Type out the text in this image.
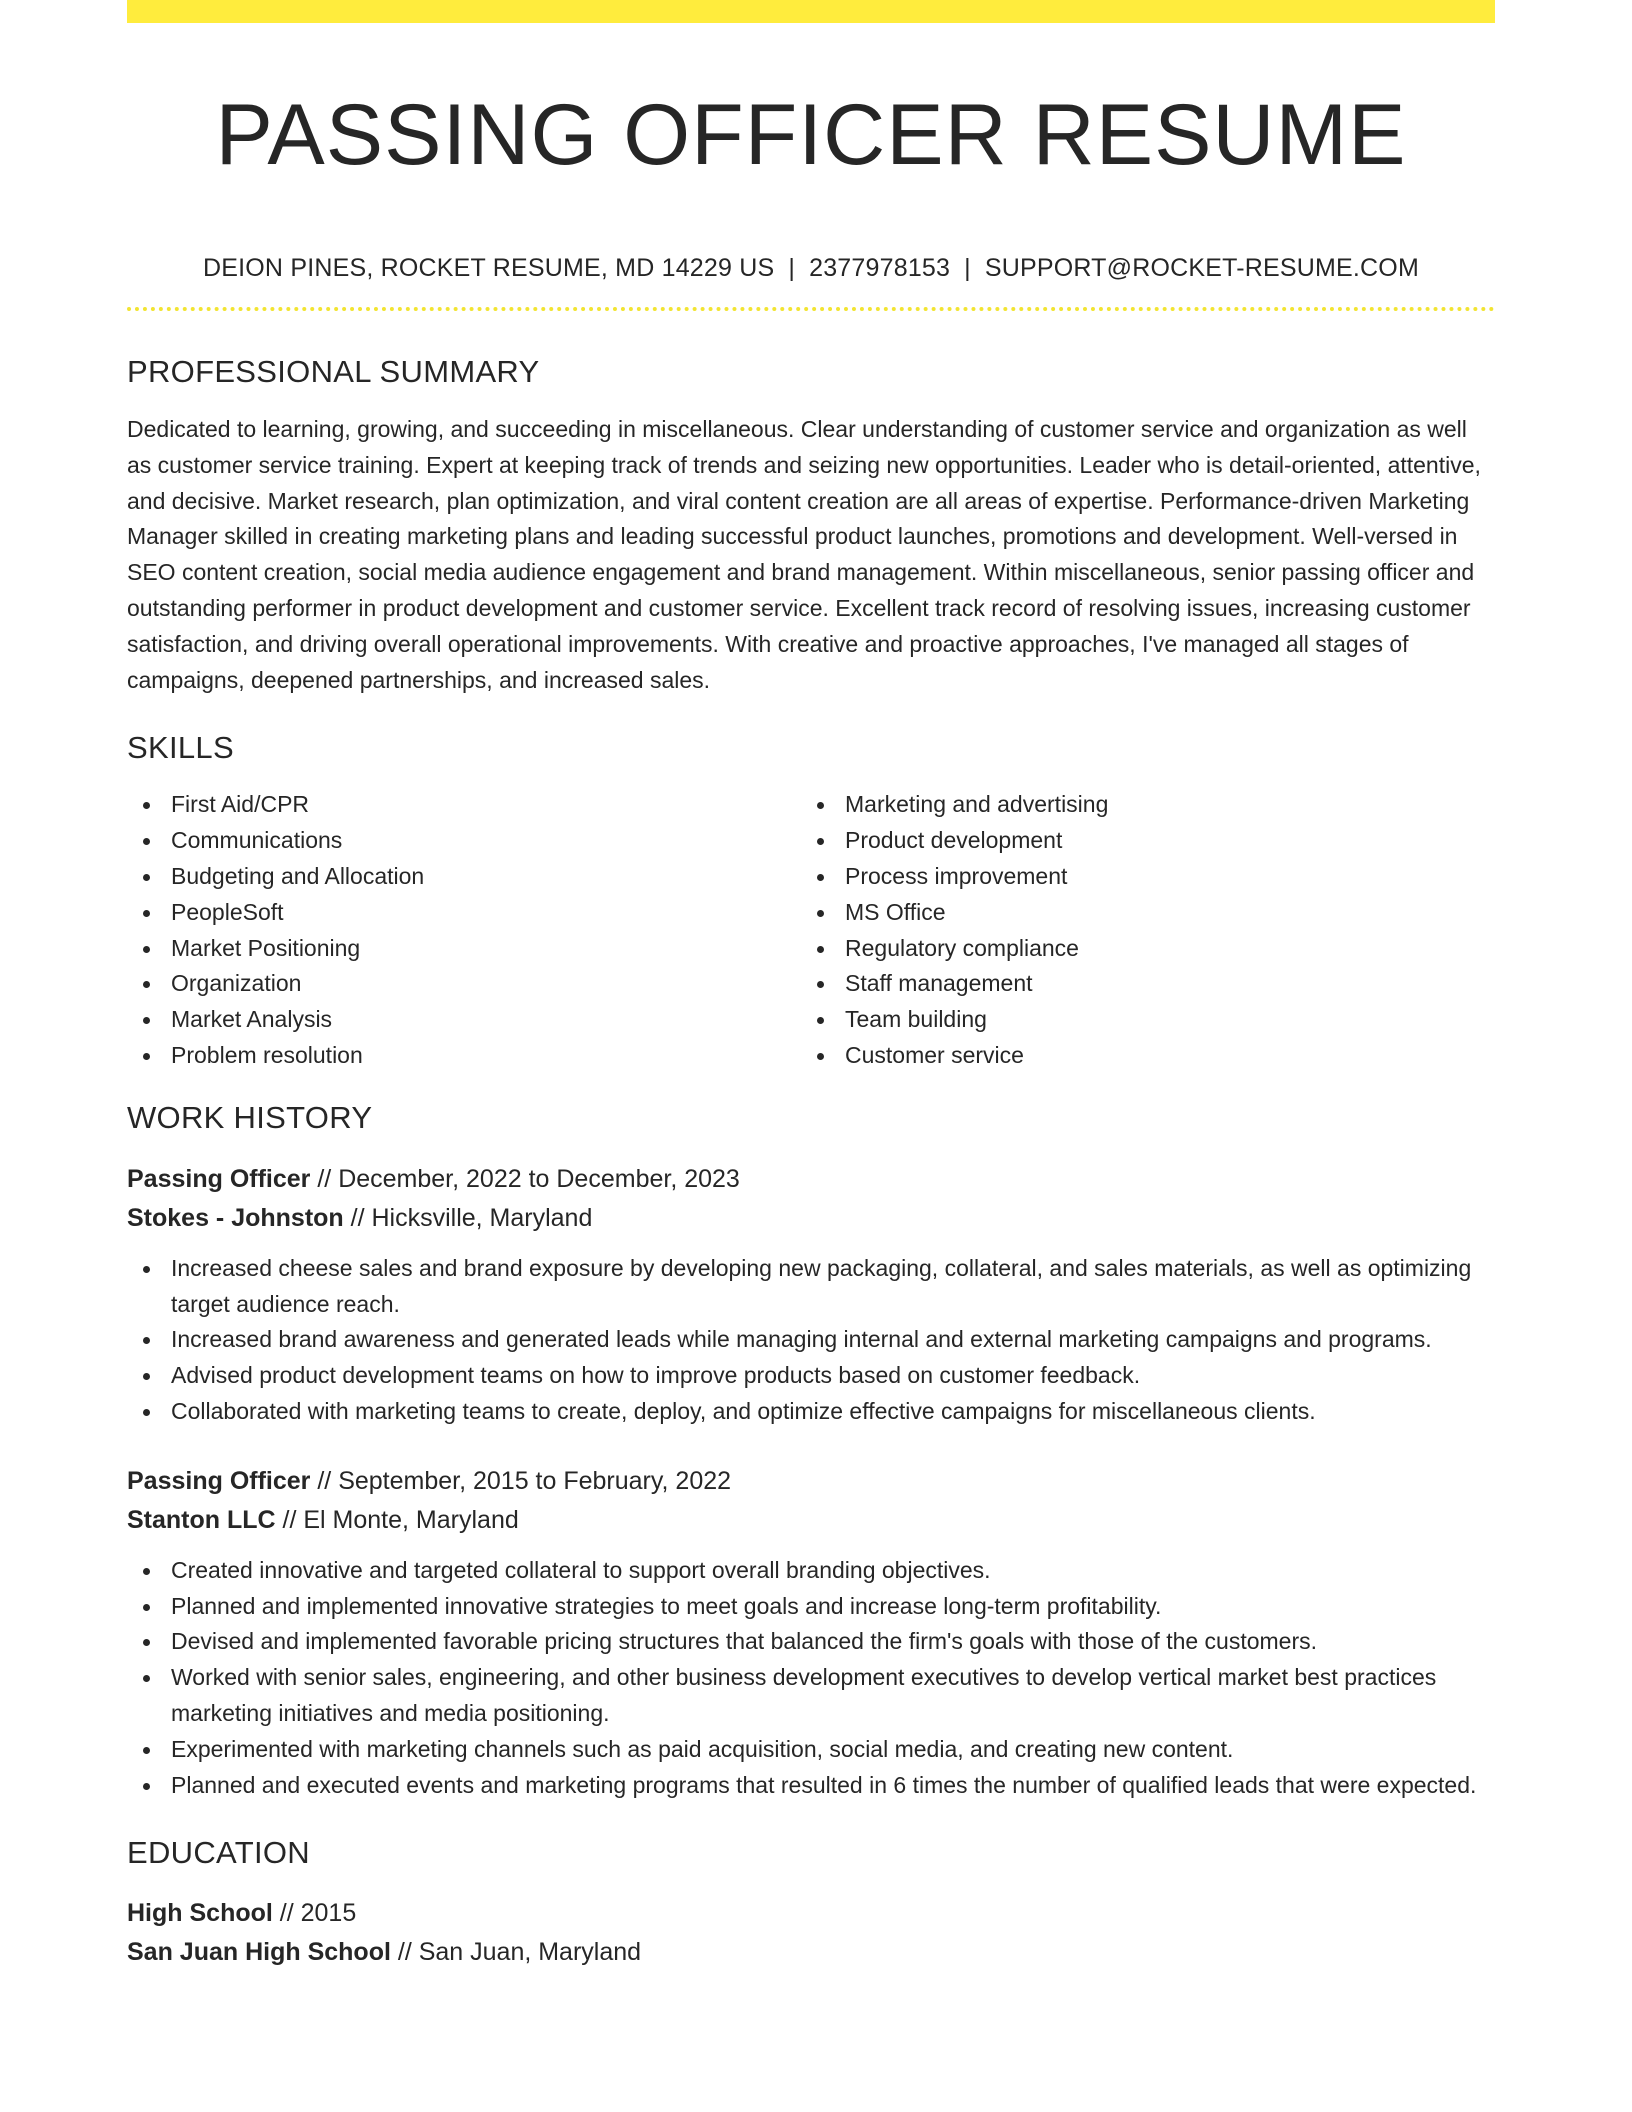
PASSING OFFICER RESUME
DEION PINES, ROCKET RESUME, MD 14229 US | 2377978153 | SUPPORT@ROCKET-RESUME.COM
PROFESSIONAL SUMMARY

Dedicated to learning, growing, and succeeding in miscellaneous. Clear understanding of customer service and organization as well as customer service training. Expert at keeping track of trends and seizing new opportunities. Leader who is detail-oriented, attentive, and decisive. Market research, plan optimization, and viral content creation are all areas of expertise. Performance-driven Marketing Manager skilled in creating marketing plans and leading successful product launches, promotions and development. Well-versed in SEO content creation, social media audience engagement and brand management. Within miscellaneous, senior passing officer and outstanding performer in product development and customer service. Excellent track record of resolving issues, increasing customer satisfaction, and driving overall operational improvements. With creative and proactive approaches, I've managed all stages of campaigns, deepened partnerships, and increased sales.

SKILLS
First Aid/CPR
Communications
Budgeting and Allocation
PeopleSoft
Market Positioning
Organization
Market Analysis
Problem resolution
Marketing and advertising
Product development
Process improvement
MS Office
Regulatory compliance
Staff management
Team building
Customer service
WORK HISTORY
Passing Officer // December, 2022 to December, 2023
Stokes - Johnston // Hicksville, Maryland
Increased cheese sales and brand exposure by developing new packaging, collateral, and sales materials, as well as optimizing target audience reach.
Increased brand awareness and generated leads while managing internal and external marketing campaigns and programs.
Advised product development teams on how to improve products based on customer feedback.
Collaborated with marketing teams to create, deploy, and optimize effective campaigns for miscellaneous clients.
Passing Officer // September, 2015 to February, 2022
Stanton LLC // El Monte, Maryland
Created innovative and targeted collateral to support overall branding objectives.
Planned and implemented innovative strategies to meet goals and increase long-term profitability.
Devised and implemented favorable pricing structures that balanced the firm's goals with those of the customers.
Worked with senior sales, engineering, and other business development executives to develop vertical market best practices marketing initiatives and media positioning.
Experimented with marketing channels such as paid acquisition, social media, and creating new content.
Planned and executed events and marketing programs that resulted in 6 times the number of qualified leads that were expected.
EDUCATION
High School // 2015
San Juan High School // San Juan, Maryland
